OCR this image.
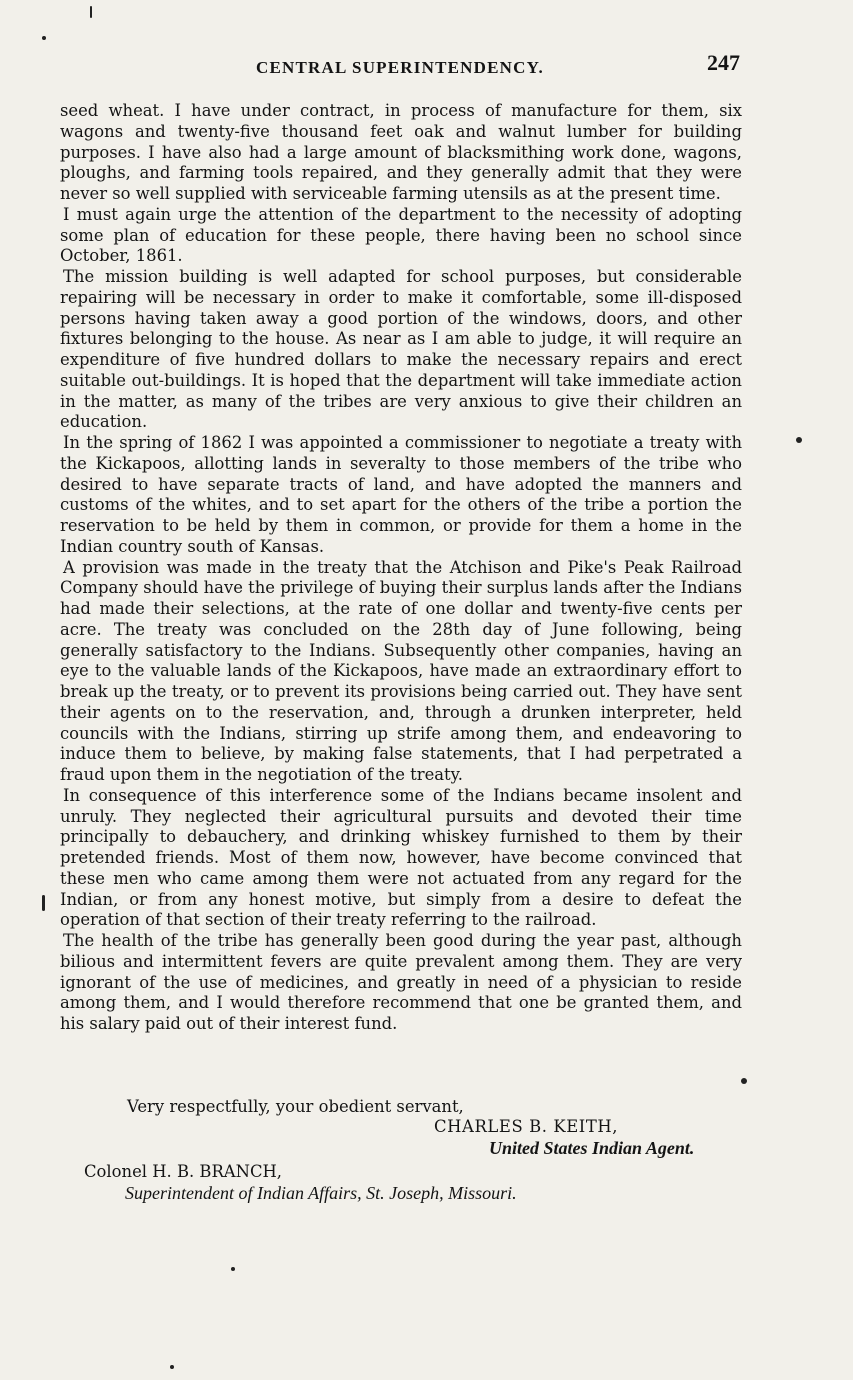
CENTRAL SUPERINTENDENCY.	247

seed wheat. I have under contract, in process of manufacture for them, six wagons and twenty-five thousand feet oak and walnut lumber for building purposes. I have also had a large amount of blacksmithing work done, wagons, ploughs, and farming tools repaired, and they generally admit that they were never so well supplied with serviceable farming utensils as at the present time.

I must again urge the attention of the department to the necessity of adopting some plan of education for these people, there having been no school since October, 1861.

The mission building is well adapted for school purposes, but considerable repairing will be necessary in order to make it comfortable, some ill-disposed persons having taken away a good portion of the windows, doors, and other fixtures belonging to the house. As near as I am able to judge, it will require an expenditure of five hundred dollars to make the necessary repairs and erect suitable out-buildings. It is hoped that the department will take immediate action in the matter, as many of the tribes are very anxious to give their children an education.

In the spring of 1862 I was appointed a commissioner to negotiate a treaty with the Kickapoos, allotting lands in severalty to those members of the tribe who desired to have separate tracts of land, and have adopted the manners and customs of the whites, and to set apart for the others of the tribe a portion the reservation to be held by them in common, or provide for them a home in the Indian country south of Kansas.

A provision was made in the treaty that the Atchison and Pike's Peak Railroad Company should have the privilege of buying their surplus lands after the Indians had made their selections, at the rate of one dollar and twenty-five cents per acre. The treaty was concluded on the 28th day of June following, being generally satisfactory to the Indians. Subsequently other companies, having an eye to the valuable lands of the Kickapoos, have made an extraordinary effort to break up the treaty, or to prevent its provisions being carried out. They have sent their agents on to the reservation, and, through a drunken interpreter, held councils with the Indians, stirring up strife among them, and endeavoring to induce them to believe, by making false statements, that I had perpetrated a fraud upon them in the negotiation of the treaty.

In consequence of this interference some of the Indians became insolent and unruly. They neglected their agricultural pursuits and devoted their time principally to debauchery, and drinking whiskey furnished to them by their pretended friends. Most of them now, however, have become convinced that these men who came among them were not actuated from any regard for the Indian, or from any honest motive, but simply from a desire to defeat the operation of that section of their treaty referring to the railroad.

The health of the tribe has generally been good during the year past, although bilious and intermittent fevers are quite prevalent among them. They are very ignorant of the use of medicines, and greatly in need of a physician to reside among them, and I would therefore recommend that one be granted them, and his salary paid out of their interest fund.

Very respectfully, your obedient servant,
CHARLES B. KEITH,
United States Indian Agent.
Colonel H. B. BRANCH,
Superintendent of Indian Affairs, St. Joseph, Missouri.
